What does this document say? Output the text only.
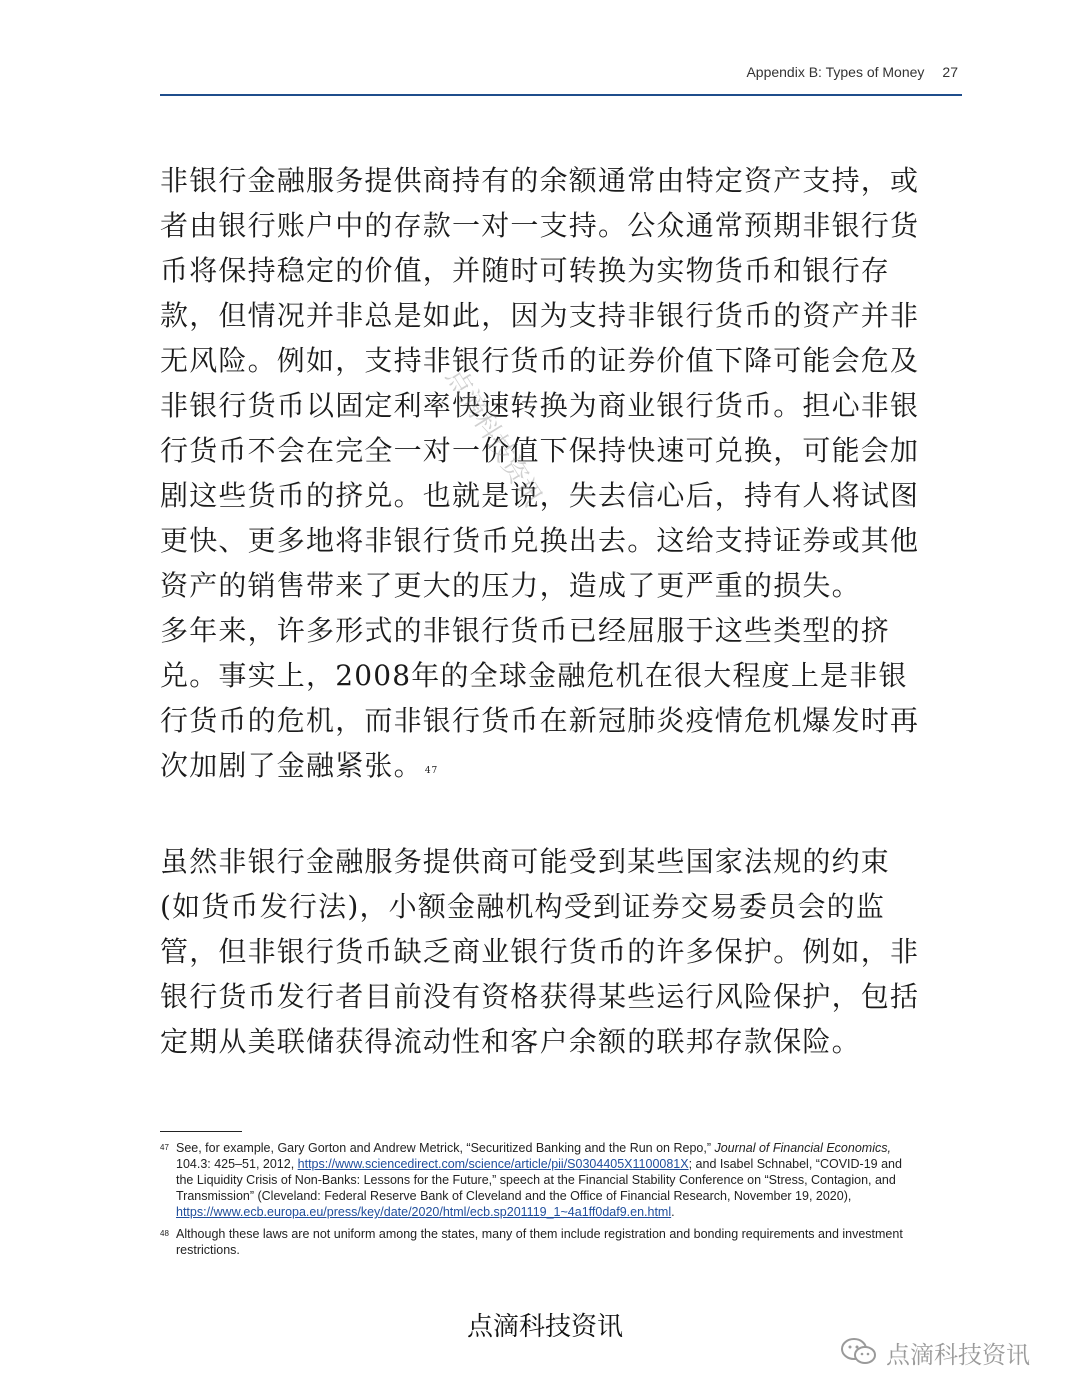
Appendix B: Types of Money 27

非银行金融服务提供商持有的余额通常由特定资产支持，或者由银行账户中的存款一对一支持。公众通常预期非银行货币将保持稳定的价值，并随时可转换为实物货币和银行存款，但情况并非总是如此，因为支持非银行货币的资产并非无风险。例如，支持非银行货币的证券价值下降可能会危及非银行货币以固定利率快速转换为商业银行货币。担心非银行货币不会在完全一对一价值下保持快速可兑换，可能会加剧这些货币的挤兑。也就是说，失去信心后，持有人将试图更快、更多地将非银行货币兑换出去。这给支持证券或其他资产的销售带来了更大的压力，造成了更严重的损失。

多年来，许多形式的非银行货币已经屈服于这些类型的挤兑。事实上，2008年的全球金融危机在很大程度上是非银行货币的危机，而非银行货币在新冠肺炎疫情危机爆发时再次加剧了金融紧张。 47

虽然非银行金融服务提供商可能受到某些国家法规的约束(如货币发行法)，小额金融机构受到证券交易委员会的监管，但非银行货币缺乏商业银行货币的许多保护。例如，非银行货币发行者目前没有资格获得某些运行风险保护，包括定期从美联储获得流动性和客户余额的联邦存款保险。

点滴科技资讯
47 See, for example, Gary Gorton and Andrew Metrick, “Securitized Banking and the Run on Repo,” Journal of Financial Economics, 104.3: 425–51, 2012, https://www.sciencedirect.com/science/article/pii/S0304405X1100081X; and Isabel Schnabel, “COVID-19 and the Liquidity Crisis of Non-Banks: Lessons for the Future,” speech at the Financial Stability Conference on “Stress, Contagion, and Transmission” (Cleveland: Federal Reserve Bank of Cleveland and the Office of Financial Research, November 19, 2020), https://www.ecb.europa.eu/press/key/date/2020/html/ecb.sp201119_1~4a1ff0daf9.en.html.
48 Although these laws are not uniform among the states, many of them include registration and bonding requirements and investment restrictions.
点滴科技资讯
点滴科技资讯
